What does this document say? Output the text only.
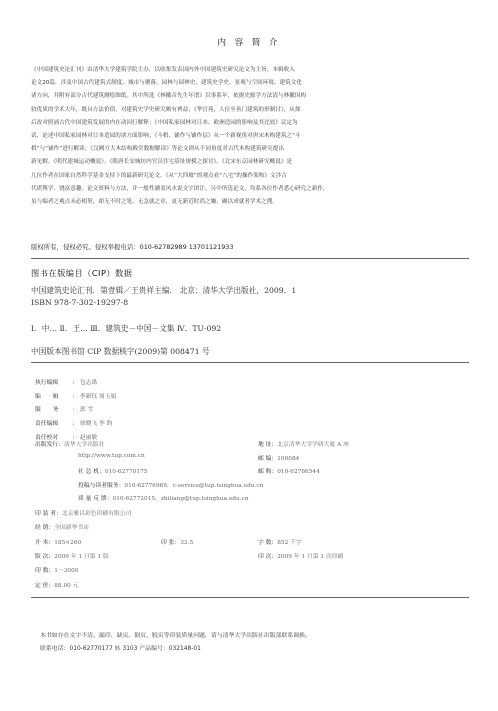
内 容 简 介
《中国建筑史论汇刊》由清华大学建筑学院主办，以收集发表国内外中国建筑史研究论文为主旨。本辑收入
论文20篇，涉及中国古代建筑式制度、城市与聚落、园林与园林史、建筑史学史、景观与空间环境、建筑文化
诸方向，并附有部分古代建筑测绘图纸。其中所选《林徽音先生年谱》以事系年，依据史源学方法请与林徽因构
较优质的学术大年，既具方法价值，对建筑史学史研究颇有裨益；《华宫苑，人位至善门建筑的形制讨》，从探
后改对照涌古代中国建筑发展的内在动因行解释；《中国私家园林对日本、欧洲造园的影响及其比较》议定为
试，论述中国私家园林对日本造园的诸方面影响；《斗栱、铺作与铺作层》从一个新视角对唐宋木构建筑之“斗
栱”与“铺作”进行解读；《汉阙方大木结构殿堂数据解读》等论文则从不同角度对古代木构建筑研究提出
新见解。《明代建城运动概说》、《隋唐长安城坊内官员住宅基址规模之探讨》、《北宋东京园林研究概说》是
几位作者在国家自然科学基金支持下的最新研究论文。《从“大四坡”的观点看“八宅”的操作架构》文涉古
代堪舆学，饶富意趣。论文资料与方法，并一般性涵盖风水说文字团注。另中所选论文，均系各位作者悉心研究之新作，
虽与编者之观点未必相契，却无不时之笔，无急就之章，更无新近时尚之嫌，确以成就者学术之搜。
版权所有，侵权必究。侵权举报电话：010-62782989 13701121933
图书在版编目（CIP）数据
中国建筑史论汇刊．第壹辑／王贵祥主编． 北京：清华大学出版社，2009．1
ISBN 978-7-302-19297-8
Ⅰ．中… Ⅱ．王… Ⅲ．建筑史－中国－文集 Ⅳ．TU-092
中国版本图书馆 CIP 数据核字(2009)第 008471 号
执行编辑 ： 包志禹
编辑： 李新钰 周玉娟
服务： 郭 雪
责任编辑 ： 徐晓飞 李 昀
责任校对 ： 赵丽敏
出版发行：清华大学出版社	地 址：北京清华大学学研大厦 A 座
http://www.tup.com.cn	邮 编：100084
社 总 机：010-62770175	邮 购：010-62786544
投稿与读者服务：010-62776969，c-service@tup.tsinghua.edu.cn
质 量 反 馈：010-62772015，zhiliang@tup.tsinghua.edu.cn
印 装 者：北京雅昌彩色印刷有限公司
经 销：全国新华书店
开 本：185×260	印 张：33.5	字 数：852 千字
版 次：2009 年 1 月第 1 版	印 次：2009 年 1 月第 1 次印刷
印 数：1～3000
定 价：88.00 元
本书如存在文字不清、漏印、缺页、倒页、脱页等印装质量问题，请与清华大学出版社出版部联系调换。
联系电话：010-62770177 转 3103 产品编号：032148-01
